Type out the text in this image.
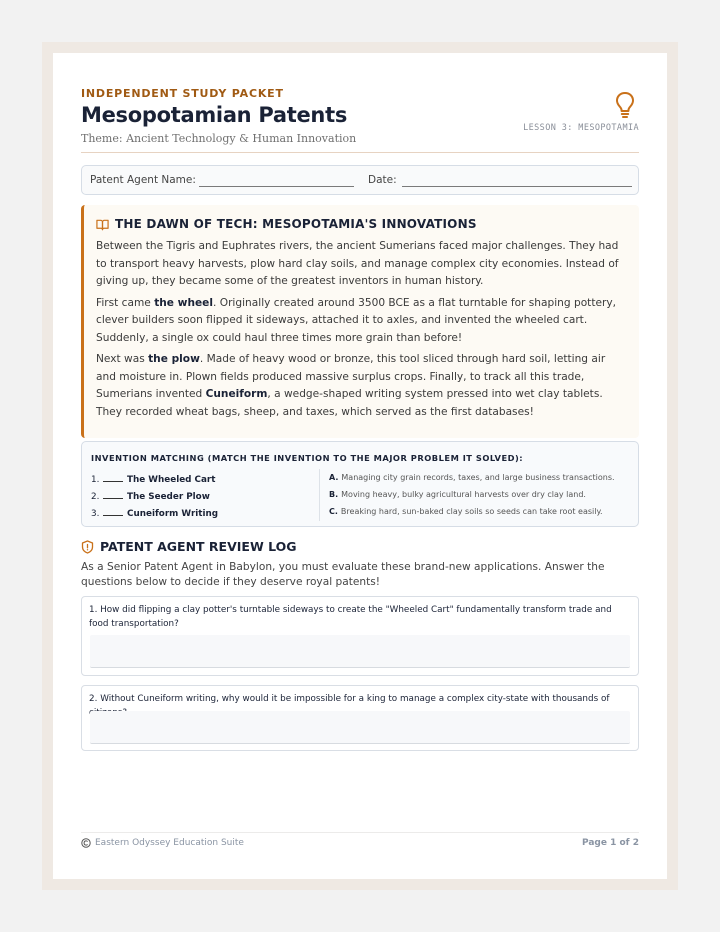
INDEPENDENT STUDY PACKET
Mesopotamian Patents
Theme: Ancient Technology & Human Innovation
LESSON 3: MESOPOTAMIA
Patent Agent Name:	Date:
THE DAWN OF TECH: MESOPOTAMIA'S INNOVATIONS

Between the Tigris and Euphrates rivers, the ancient Sumerians faced major challenges. They had to transport heavy harvests, plow hard clay soils, and manage complex city economies. Instead of giving up, they became some of the greatest inventors in human history.

First came the wheel. Originally created around 3500 BCE as a flat turntable for shaping pottery, clever builders soon flipped it sideways, attached it to axles, and invented the wheeled cart. Suddenly, a single ox could haul three times more grain than before!

Next was the plow. Made of heavy wood or bronze, this tool sliced through hard soil, letting air and moisture in. Plown fields produced massive surplus crops. Finally, to track all this trade, Sumerians invented Cuneiform, a wedge-shaped writing system pressed into wet clay tablets. They recorded wheat bags, sheep, and taxes, which served as the first databases!

INVENTION MATCHING (MATCH THE INVENTION TO THE MAJOR PROBLEM IT SOLVED):
1.	The Wheeled Cart
2.	The Seeder Plow
3.	Cuneiform Writing
A. Managing city grain records, taxes, and large business transactions.
B. Moving heavy, bulky agricultural harvests over dry clay land.
C. Breaking hard, sun-baked clay soils so seeds can take root easily.
PATENT AGENT REVIEW LOG
As a Senior Patent Agent in Babylon, you must evaluate these brand-new applications. Answer the questions below to decide if they deserve royal patents!
1. How did flipping a clay potter's turntable sideways to create the "Wheeled Cart" fundamentally transform trade and food transportation?
2. Without Cuneiform writing, why would it be impossible for a king to manage a complex city-state with thousands of
Eastern Odyssey Education Suite	Page 1 of 2
